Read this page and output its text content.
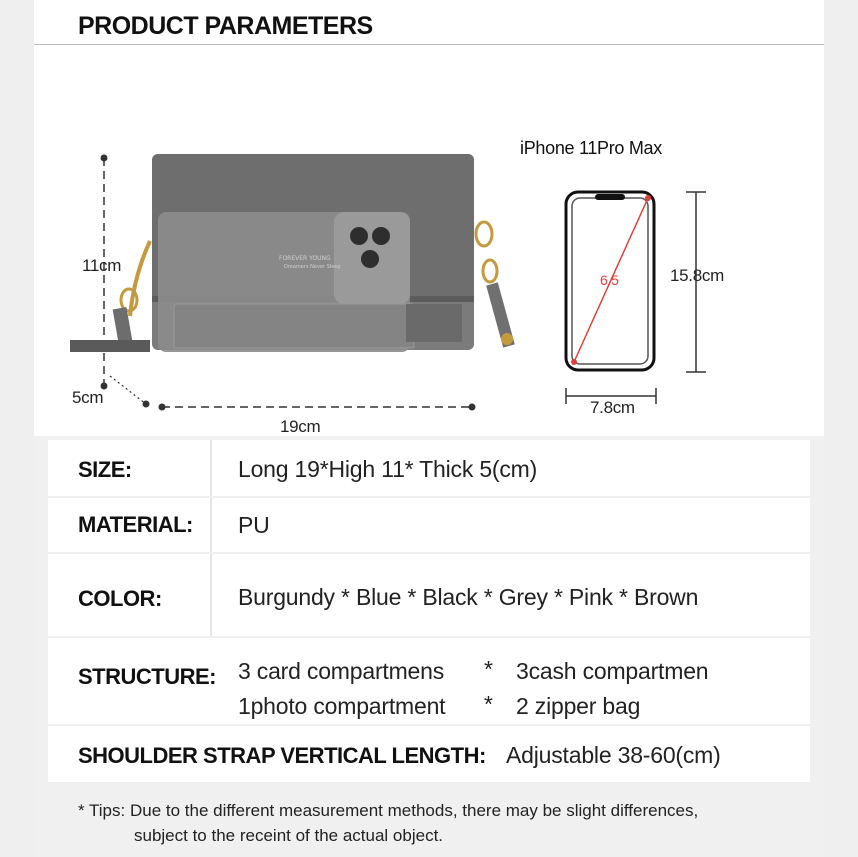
PRODUCT PARAMETERS
FOREVER YOUNG
Dreamers Never Sleep
11cm
5cm
19cm
iPhone 11Pro Max
6.5	15.8cm
7.8cm
SIZE:	Long 19*High 11* Thick 5(cm)
MATERIAL: PU
COLOR:	Burgundy * Blue * Black * Grey * Pink * Brown
STRUCTURE: 3 card compartmens * 3cash compartmen
1photo compartment * 2 zipper bag
SHOULDER STRAP VERTICAL LENGTH: Adjustable 38-60(cm)
* Tips: Due to the different measurement methods, there may be slight differences,
subject to the receint of the actual object.
